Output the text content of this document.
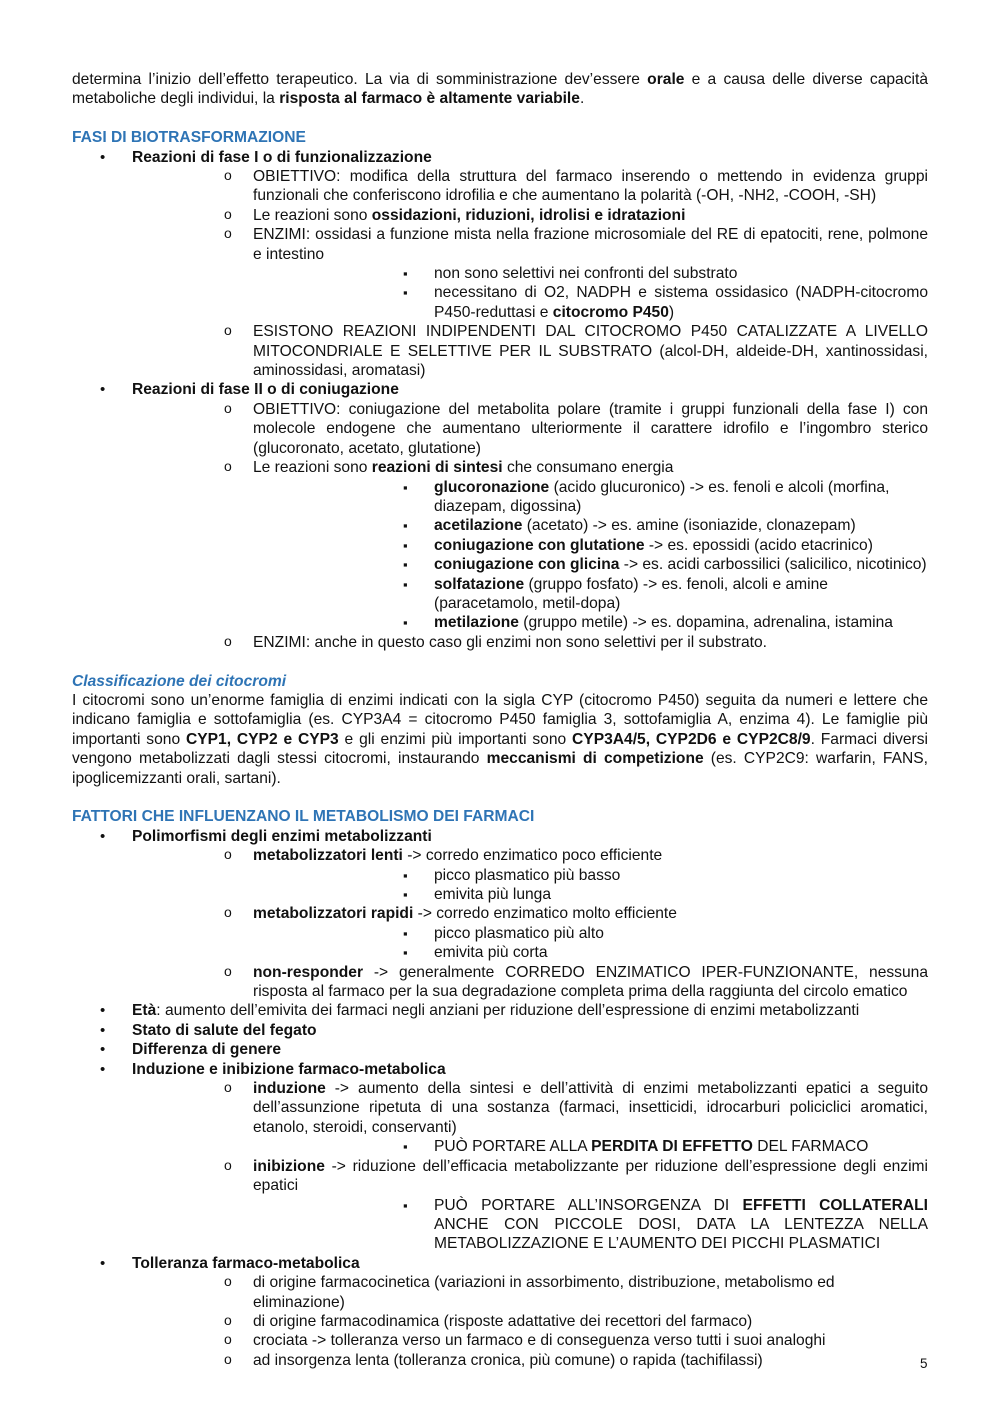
determina l’inizio dell’effetto terapeutico. La via di somministrazione dev’essere orale e a causa delle diverse capacità metaboliche degli individui, la risposta al farmaco è altamente variabile.

FASI DI BIOTRASFORMAZIONE
• Reazioni di fase I o di funzionalizzazione
o OBIETTIVO: modifica della struttura del farmaco inserendo o mettendo in evidenza gruppi funzionali che conferiscono idrofilia e che aumentano la polarità (-OH, -NH2, -COOH, -SH)
o Le reazioni sono ossidazioni, riduzioni, idrolisi e idratazioni
o ENZIMI: ossidasi a funzione mista nella frazione microsomiale del RE di epatociti, rene, polmone e intestino
▪ non sono selettivi nei confronti del substrato
▪ necessitano di O2, NADPH e sistema ossidasico (NADPH-citocromo P450-reduttasi e citocromo P450)
o ESISTONO REAZIONI INDIPENDENTI DAL CITOCROMO P450 CATALIZZATE A LIVELLO MITOCONDRIALE E SELETTIVE PER IL SUBSTRATO (alcol-DH, aldeide-DH, xantinossidasi, aminossidasi, aromatasi)
• Reazioni di fase II o di coniugazione
o OBIETTIVO: coniugazione del metabolita polare (tramite i gruppi funzionali della fase I) con molecole endogene che aumentano ulteriormente il carattere idrofilo e l’ingombro sterico (glucoronato, acetato, glutatione)
o Le reazioni sono reazioni di sintesi che consumano energia
▪ glucoronazione (acido glucuronico) -> es. fenoli e alcoli (morfina, diazepam, digossina)
▪ acetilazione (acetato) -> es. amine (isoniazide, clonazepam)
▪ coniugazione con glutatione -> es. epossidi (acido etacrinico)
▪ coniugazione con glicina -> es. acidi carbossilici (salicilico, nicotinico)
▪ solfatazione (gruppo fosfato) -> es. fenoli, alcoli e amine (paracetamolo, metil-dopa)
▪ metilazione (gruppo metile) -> es. dopamina, adrenalina, istamina
o ENZIMI: anche in questo caso gli enzimi non sono selettivi per il substrato.
Classificazione dei citocromi

I citocromi sono un’enorme famiglia di enzimi indicati con la sigla CYP (citocromo P450) seguita da numeri e lettere che indicano famiglia e sottofamiglia (es. CYP3A4 = citocromo P450 famiglia 3, sottofamiglia A, enzima 4). Le famiglie più importanti sono CYP1, CYP2 e CYP3 e gli enzimi più importanti sono CYP3A4/5, CYP2D6 e CYP2C8/9. Farmaci diversi vengono metabolizzati dagli stessi citocromi, instaurando meccanismi di competizione (es. CYP2C9: warfarin, FANS, ipoglicemizzanti orali, sartani).

FATTORI CHE INFLUENZANO IL METABOLISMO DEI FARMACI
• Polimorfismi degli enzimi metabolizzanti
o metabolizzatori lenti -> corredo enzimatico poco efficiente
▪ picco plasmatico più basso
▪ emivita più lunga
o metabolizzatori rapidi -> corredo enzimatico molto efficiente
▪ picco plasmatico più alto
▪ emivita più corta
o non-responder -> generalmente CORREDO ENZIMATICO IPER-FUNZIONANTE, nessuna risposta al farmaco per la sua degradazione completa prima della raggiunta del circolo ematico
• Età: aumento dell’emivita dei farmaci negli anziani per riduzione dell’espressione di enzimi metabolizzanti
• Stato di salute del fegato
• Differenza di genere
• Induzione e inibizione farmaco-metabolica
o induzione -> aumento della sintesi e dell’attività di enzimi metabolizzanti epatici a seguito dell’assunzione ripetuta di una sostanza (farmaci, insetticidi, idrocarburi policiclici aromatici, etanolo, steroidi, conservanti)
▪ PUÒ PORTARE ALLA PERDITA DI EFFETTO DEL FARMACO
o inibizione -> riduzione dell’efficacia metabolizzante per riduzione dell’espressione degli enzimi epatici
▪ PUÒ PORTARE ALL’INSORGENZA DI EFFETTI COLLATERALI ANCHE CON PICCOLE DOSI, DATA LA LENTEZZA NELLA METABOLIZZAZIONE E L’AUMENTO DEI PICCHI PLASMATICI
• Tolleranza farmaco-metabolica
o di origine farmacocinetica (variazioni in assorbimento, distribuzione, metabolismo ed eliminazione)
o di origine farmacodinamica (risposte adattative dei recettori del farmaco)
o crociata -> tolleranza verso un farmaco e di conseguenza verso tutti i suoi analoghi
o ad insorgenza lenta (tolleranza cronica, più comune) o rapida (tachifilassi)	5
